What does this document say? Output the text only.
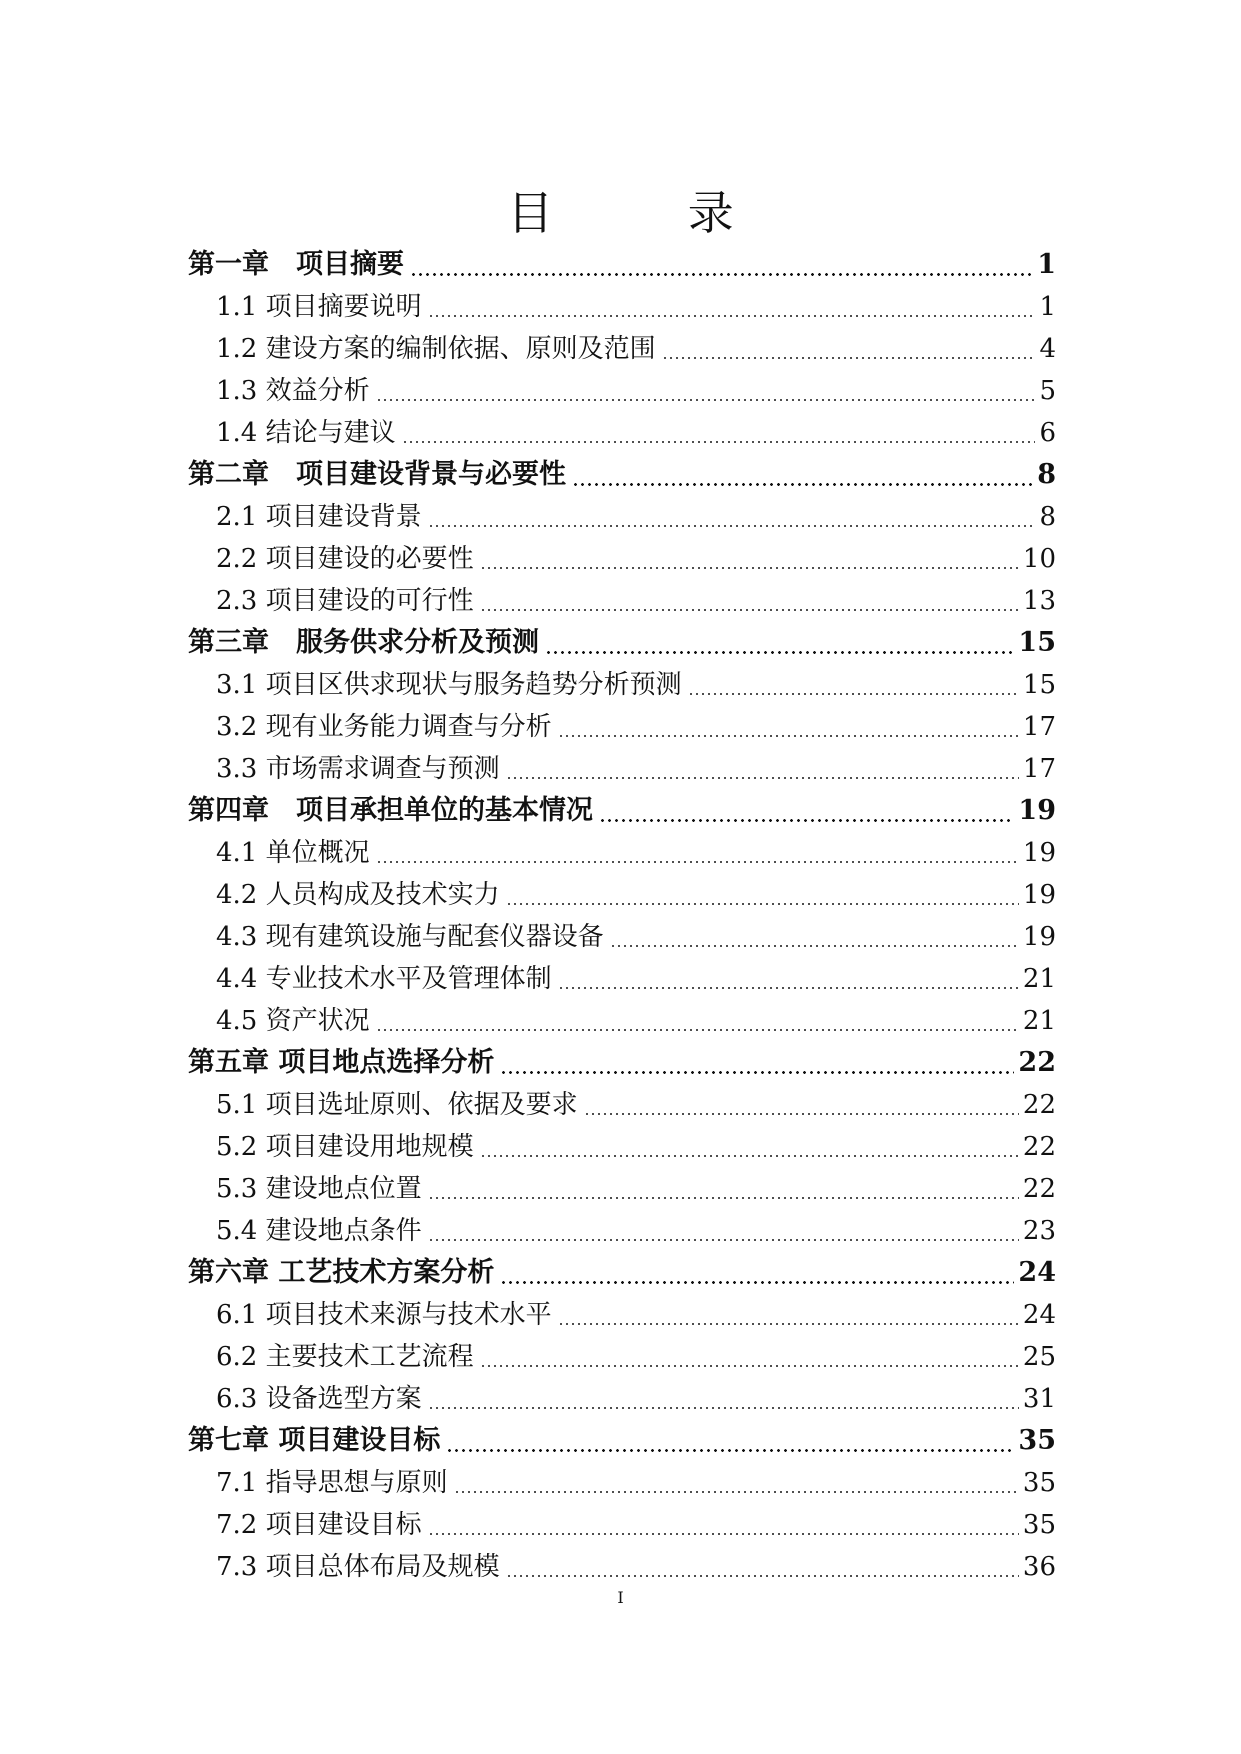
目 录
第一章　项目摘要	1
1.1 项目摘要说明	1
1.2 建设方案的编制依据、原则及范围	4
1.3 效益分析	5
1.4 结论与建议	6
第二章　项目建设背景与必要性	8
2.1 项目建设背景	8
2.2 项目建设的必要性	10
2.3 项目建设的可行性	13
第三章　服务供求分析及预测	15
3.1 项目区供求现状与服务趋势分析预测	15
3.2 现有业务能力调查与分析	17
3.3 市场需求调查与预测	17
第四章　项目承担单位的基本情况	19
4.1 单位概况	19
4.2 人员构成及技术实力	19
4.3 现有建筑设施与配套仪器设备	19
4.4 专业技术水平及管理体制	21
4.5 资产状况	21
第五章 项目地点选择分析	22
5.1 项目选址原则、依据及要求	22
5.2 项目建设用地规模	22
5.3 建设地点位置	22
5.4 建设地点条件	23
第六章 工艺技术方案分析	24
6.1 项目技术来源与技术水平	24
6.2 主要技术工艺流程	25
6.3 设备选型方案	31
第七章 项目建设目标	35
7.1 指导思想与原则	35
7.2 项目建设目标	35
7.3 项目总体布局及规模	36
I
